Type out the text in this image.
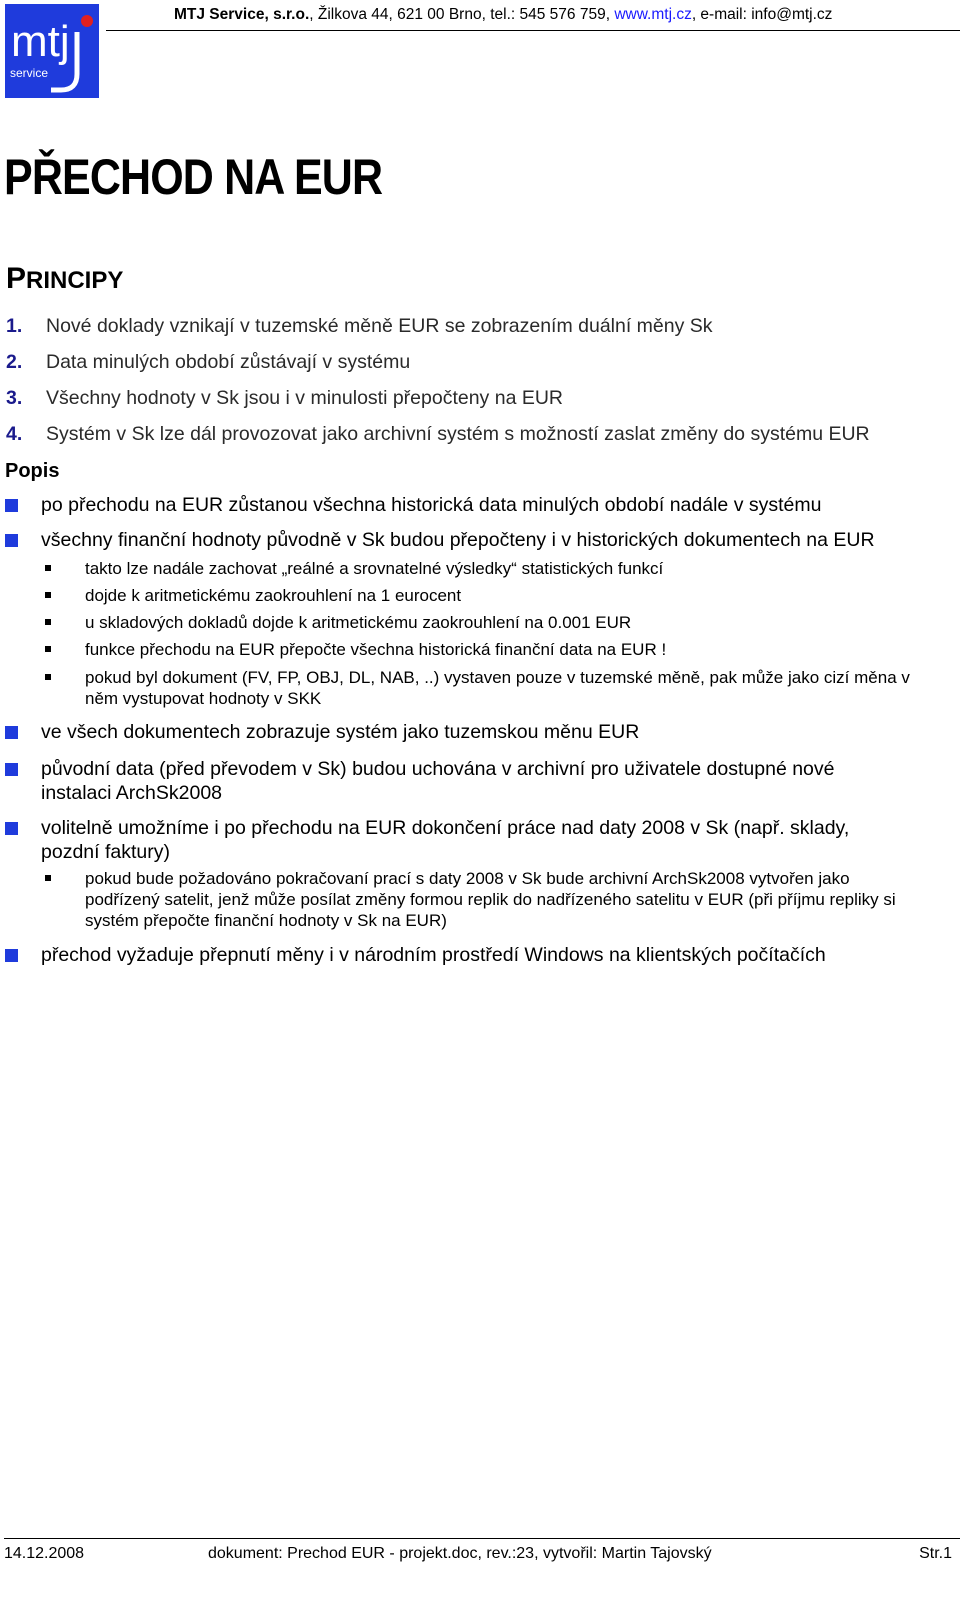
mtj
service
MTJ Service, s.r.o., Žilkova 44, 621 00 Brno, tel.: 545 576 759, www.mtj.cz, e-mail: info@mtj.cz
PŘECHOD NA EUR
PRINCIPY
1. Nové doklady vznikají v tuzemské měně EUR se zobrazením duální měny Sk
2. Data minulých období zůstávají v systému
3. Všechny hodnoty v Sk jsou i v minulosti přepočteny na EUR
4. Systém v Sk lze dál provozovat jako archivní systém s možností zaslat změny do systému EUR
Popis
po přechodu na EUR zůstanou všechna historická data minulých období nadále v systému
všechny finanční hodnoty původně v Sk budou přepočteny i v historických dokumentech na EUR
takto lze nadále zachovat „reálné a srovnatelné výsledky“ statistických funkcí
dojde k aritmetickému zaokrouhlení na 1 eurocent
u skladových dokladů dojde k aritmetickému zaokrouhlení na 0.001 EUR
funkce přechodu na EUR přepočte všechna historická finanční data na EUR !
pokud byl dokument (FV, FP, OBJ, DL, NAB, ..) vystaven pouze v tuzemské měně, pak může jako cizí měna v něm vystupovat hodnoty v SKK
ve všech dokumentech zobrazuje systém jako tuzemskou měnu EUR
původní data (před převodem v Sk) budou uchována v archivní pro uživatele dostupné nové instalaci ArchSk2008
volitelně umožníme i po přechodu na EUR dokončení práce nad daty 2008 v Sk (např. sklady, pozdní faktury)
pokud bude požadováno pokračovaní prací s daty 2008 v Sk bude archivní ArchSk2008 vytvořen jako podřízený satelit, jenž může posílat změny formou replik do nadřízeného satelitu v EUR (při příjmu repliky si systém přepočte finanční hodnoty v Sk na EUR)
přechod vyžaduje přepnutí měny i v národním prostředí Windows na klientských počítačích
14.12.2008	dokument: Prechod EUR - projekt.doc, rev.:23, vytvořil: Martin Tajovský	Str.1
